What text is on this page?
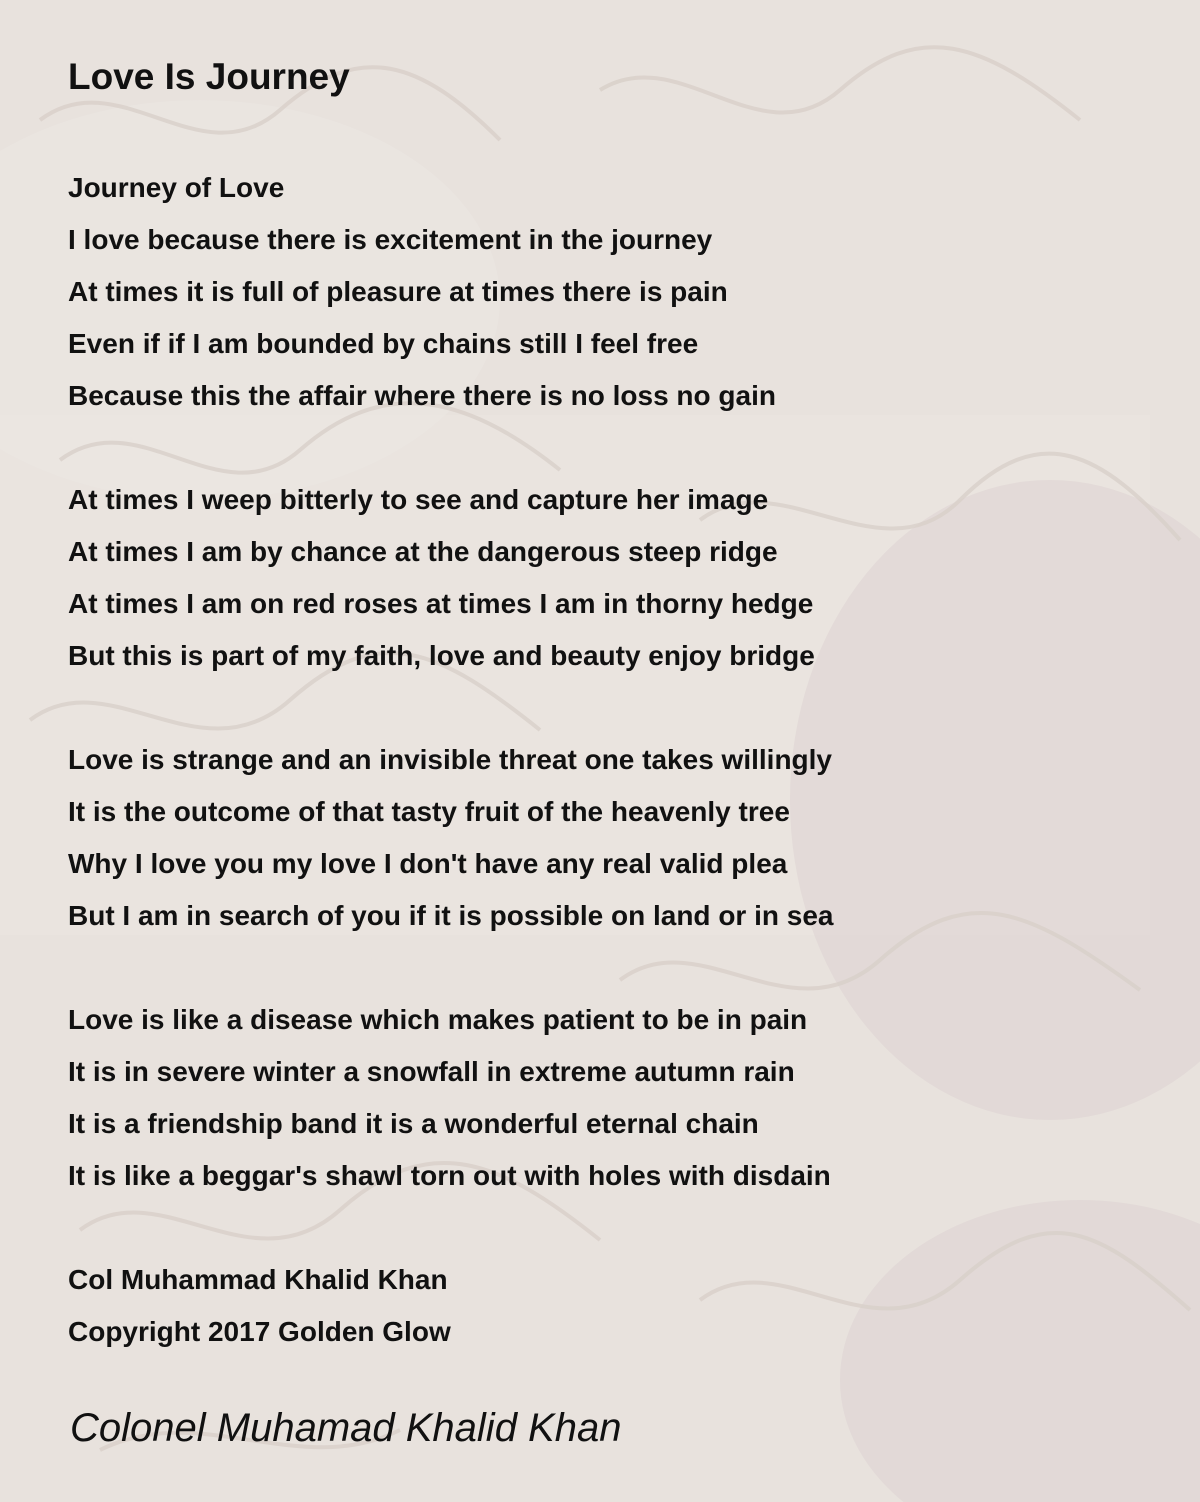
Love Is Journey
Journey of Love
I love because there is excitement in the journey
At times it is full of pleasure at times there is pain
Even if if I am bounded by chains still I feel free
Because this the affair where there is no loss no gain
At times I weep bitterly to see and capture her image
At times I am by chance at the dangerous steep ridge
At times I am on red roses at times I am in thorny hedge
But this is part of my faith, love and beauty enjoy bridge
Love is strange and an invisible threat one takes willingly
It is the outcome of that tasty fruit of the heavenly tree
Why I love you my love I don't have any real valid plea
But I am in search of you if it is possible on land or in sea
Love is like a disease which makes patient to be in pain
It is in severe winter a snowfall in extreme autumn rain
It is a friendship band it is a wonderful eternal chain
It is like a beggar's shawl torn out with holes with disdain
Col Muhammad Khalid Khan
Copyright 2017 Golden Glow
Colonel Muhamad Khalid Khan
